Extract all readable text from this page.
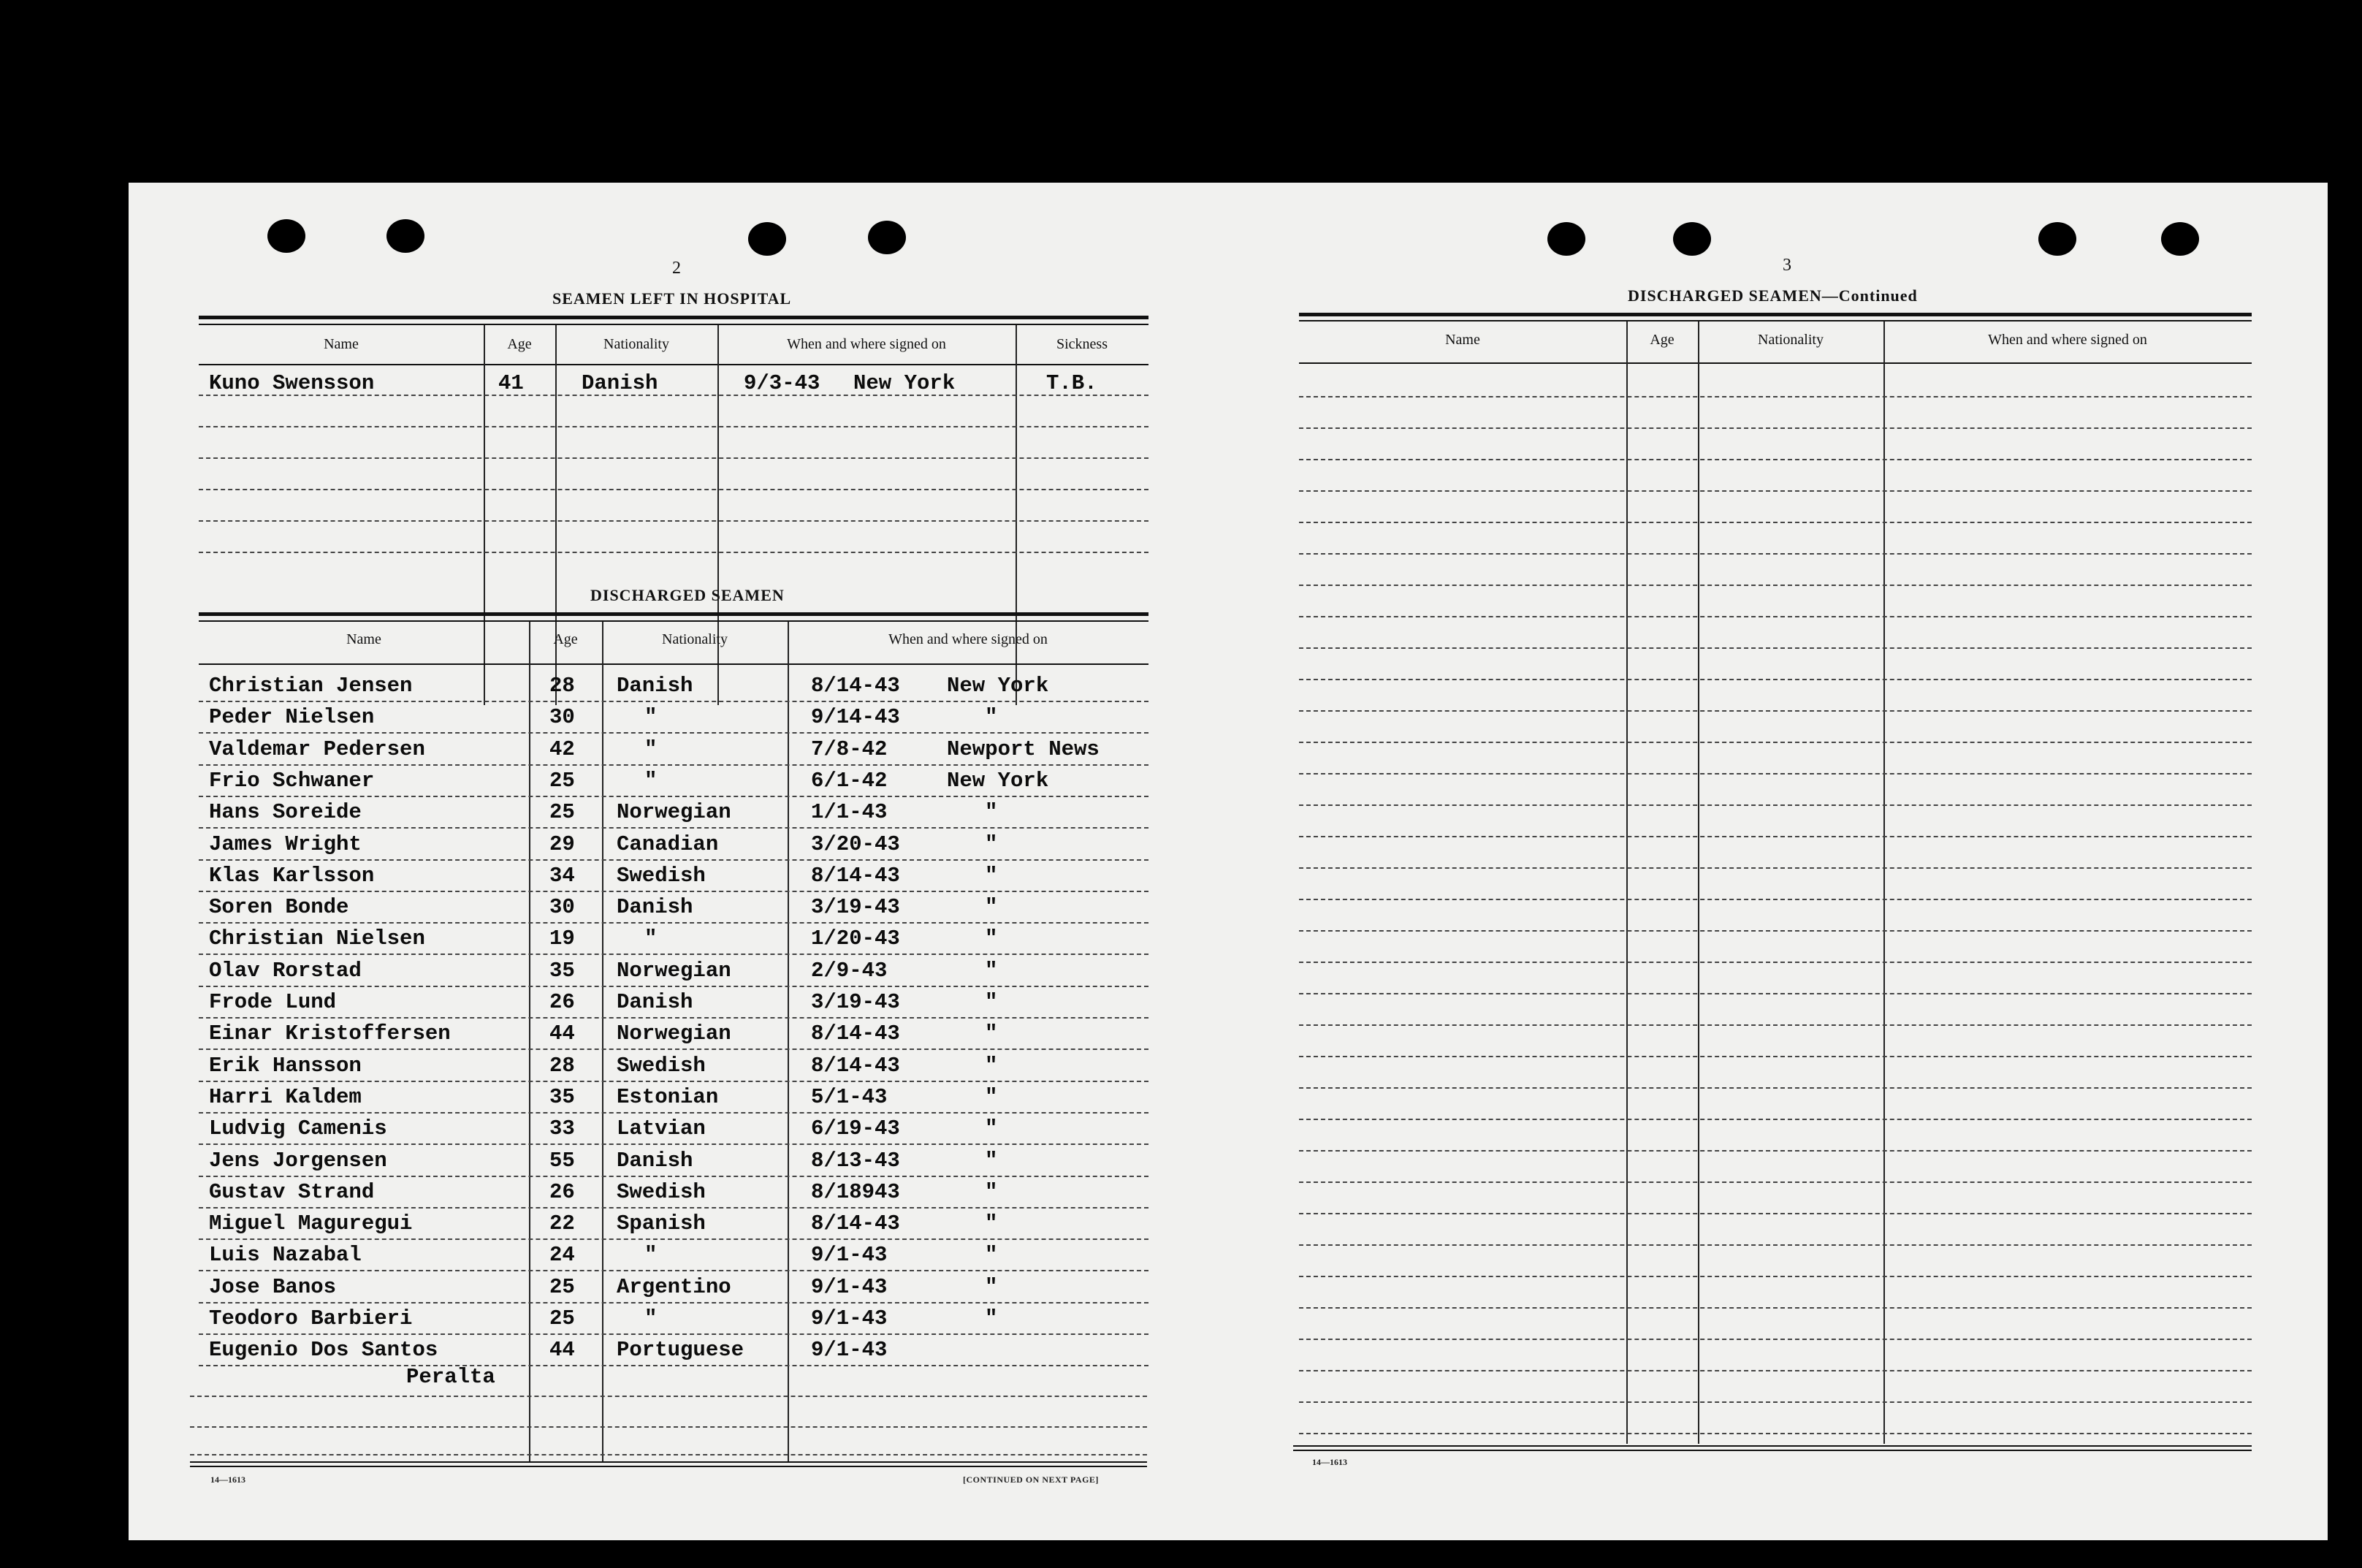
2
SEAMEN LEFT IN HOSPITAL
Name	Age	Nationality	When and where signed on	Sickness
Kuno Swensson	41	Danish	9/3-43 New York	T.B.
DISCHARGED SEAMEN
Name	Age	Nationality	When and where signed on
Christian Jensen	28 Danish	8/14-43 New York
Peder Nielsen	30	"	9/14-43	"
Valdemar Pedersen	42	"	7/8-42	Newport News
Frio Schwaner	25	"	6/1-42	New York
Hans Soreide	25 Norwegian	1/1-43	"
James Wright	29 Canadian	3/20-43	"
Klas Karlsson	34 Swedish	8/14-43	"
Soren Bonde	30 Danish	3/19-43	"
Christian Nielsen	19	"	1/20-43	"
Olav Rorstad	35 Norwegian	2/9-43	"
Frode Lund	26 Danish	3/19-43	"
Einar Kristoffersen	44 Norwegian	8/14-43	"
Erik Hansson	28 Swedish	8/14-43	"
Harri Kaldem	35 Estonian	5/1-43	"
Ludvig Camenis	33 Latvian	6/19-43	"
Jens Jorgensen	55 Danish	8/13-43	"
Gustav Strand	26 Swedish	8/18943	"
Miguel Maguregui	22 Spanish	8/14-43	"
Luis Nazabal	24	"	9/1-43	"
Jose Banos	25 Argentino	9/1-43	"
Teodoro Barbieri	25	"	9/1-43	"
Eugenio Dos Santos	44 Portuguese	9/1-43
Peralta
14—1613	[CONTINUED ON NEXT PAGE]
3
DISCHARGED SEAMEN—Continued
Name	Age	Nationality	When and where signed on
14—1613
